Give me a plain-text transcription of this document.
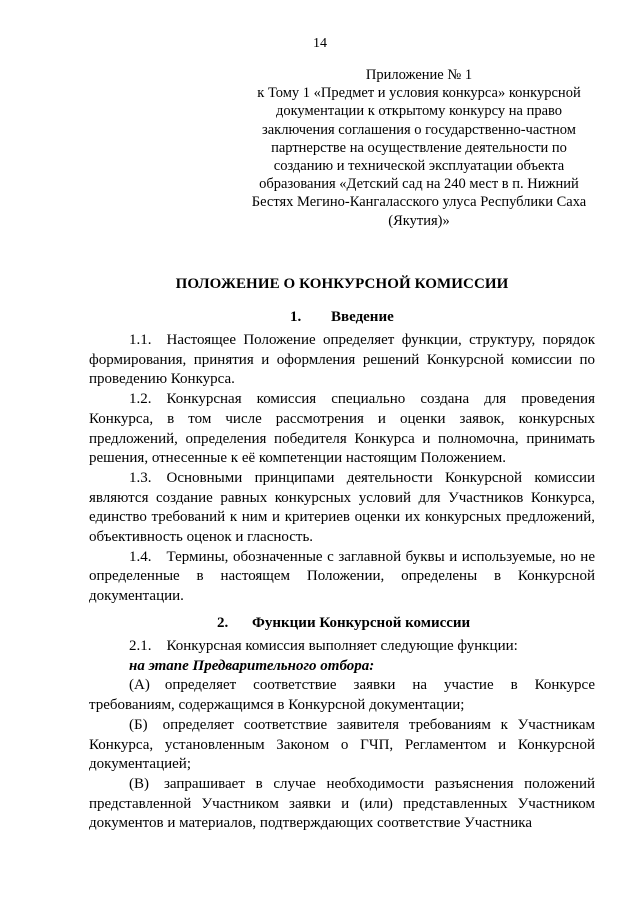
14
Приложение № 1
к Тому 1 «Предмет и условия конкурса» конкурсной
документации к открытому конкурсу на право
заключения соглашения о государственно-частном
партнерстве на осуществление деятельности по
созданию и технической эксплуатации объекта
образования «Детский сад на 240 мест в п. Нижний
Бестях Мегино-Кангаласского улуса Республики Саха
(Якутия)»
ПОЛОЖЕНИЕ О КОНКУРСНОЙ КОМИССИИ
1. Введение

1.1. Настоящее Положение определяет функции, структуру, порядок формирования, принятия и оформления решений Конкурсной комиссии по проведению Конкурса.

1.2. Конкурсная комиссия специально создана для проведения Конкурса, в том числе рассмотрения и оценки заявок, конкурсных предложений, определения победителя Конкурса и полномочна, принимать решения, отнесенные к её компетенции настоящим Положением.

1.3. Основными принципами деятельности Конкурсной комиссии являются создание равных конкурсных условий для Участников Конкурса, единство требований к ним и критериев оценки их конкурсных предложений, объективность оценок и гласность.

1.4. Термины, обозначенные с заглавной буквы и используемые, но не определенные в настоящем Положении, определены в Конкурсной документации.

2. Функции Конкурсной комиссии

2.1. Конкурсная комиссия выполняет следующие функции:

на этапе Предварительного отбора:

(А) определяет соответствие заявки на участие в Конкурсе требованиям, содержащимся в Конкурсной документации;

(Б) определяет соответствие заявителя требованиям к Участникам Конкурса, установленным Законом о ГЧП, Регламентом и Конкурсной документацией;

(В) запрашивает в случае необходимости разъяснения положений представленной Участником заявки и (или) представленных Участником документов и материалов, подтверждающих соответствие Участника
